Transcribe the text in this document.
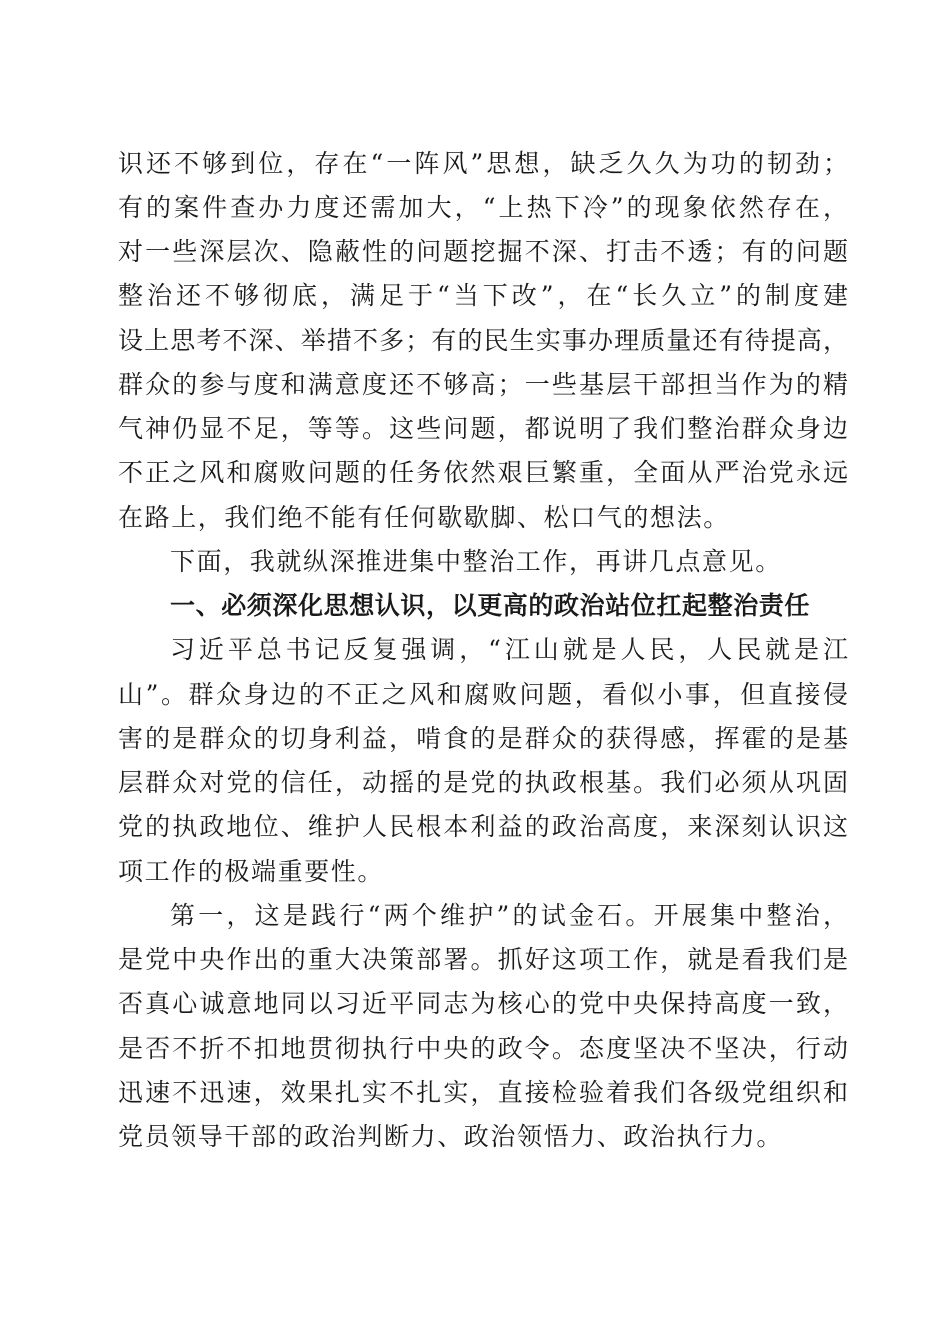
识还不够到位，存在“一阵风”思想，缺乏久久为功的韧劲；
有的案件查办力度还需加大，“上热下冷”的现象依然存在，
对一些深层次、隐蔽性的问题挖掘不深、打击不透；有的问题
整治还不够彻底，满足于“当下改”，在“长久立”的制度建
设上思考不深、举措不多；有的民生实事办理质量还有待提高，
群众的参与度和满意度还不够高；一些基层干部担当作为的精
气神仍显不足，等等。这些问题，都说明了我们整治群众身边
不正之风和腐败问题的任务依然艰巨繁重，全面从严治党永远
在路上，我们绝不能有任何歇歇脚、松口气的想法。
下面，我就纵深推进集中整治工作，再讲几点意见。
一、必须深化思想认识，以更高的政治站位扛起整治责任
习近平总书记反复强调，“江山就是人民，人民就是江
山”。群众身边的不正之风和腐败问题，看似小事，但直接侵
害的是群众的切身利益，啃食的是群众的获得感，挥霍的是基
层群众对党的信任，动摇的是党的执政根基。我们必须从巩固
党的执政地位、维护人民根本利益的政治高度，来深刻认识这
项工作的极端重要性。
第一，这是践行“两个维护”的试金石。开展集中整治，
是党中央作出的重大决策部署。抓好这项工作，就是看我们是
否真心诚意地同以习近平同志为核心的党中央保持高度一致，
是否不折不扣地贯彻执行中央的政令。态度坚决不坚决，行动
迅速不迅速，效果扎实不扎实，直接检验着我们各级党组织和
党员领导干部的政治判断力、政治领悟力、政治执行力。
